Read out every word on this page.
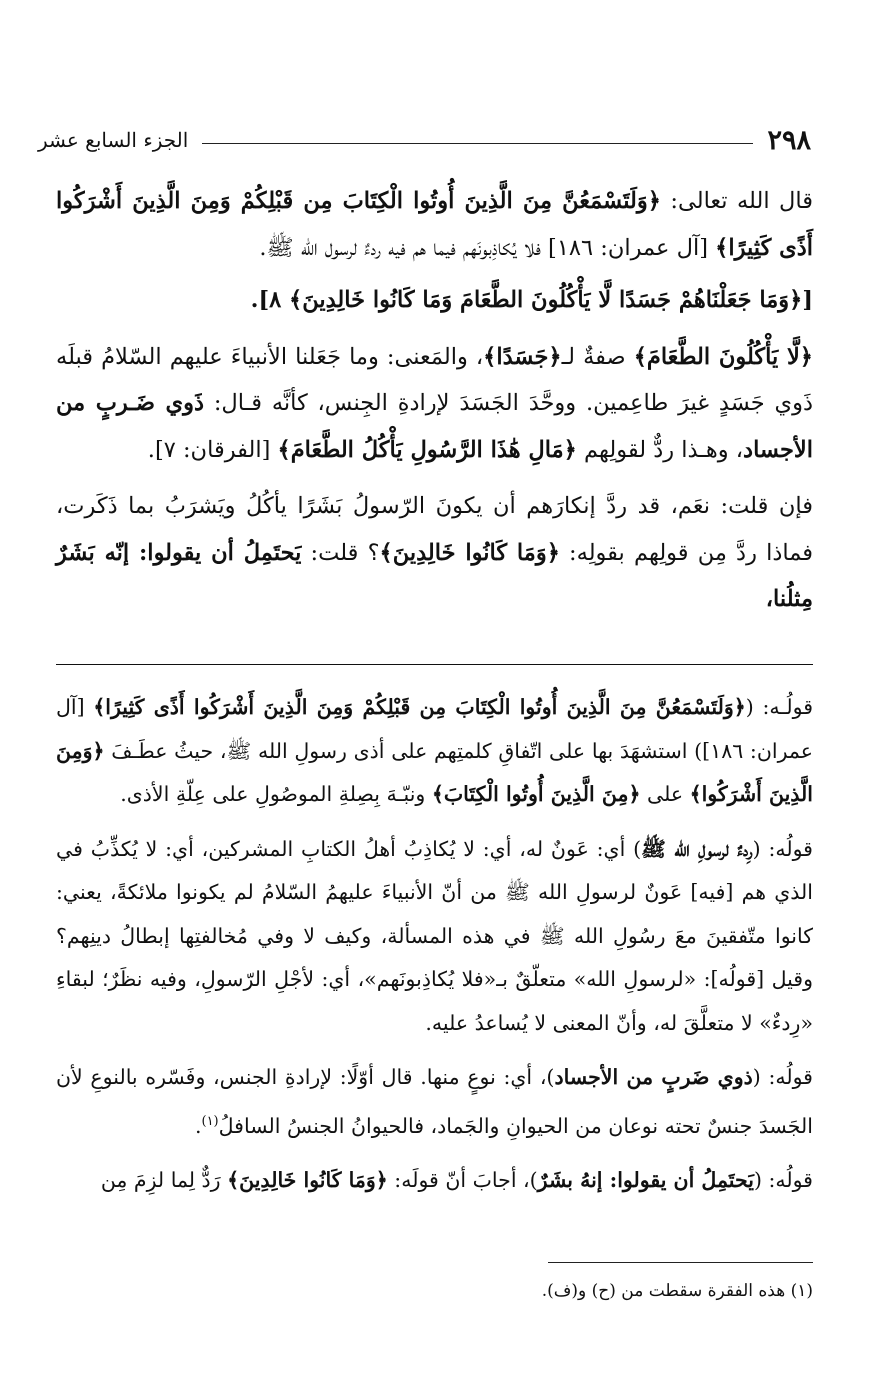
٢٩٨
الجزء السابع عشر

قال الله تعالى: ﴿وَلَتَسْمَعُنَّ مِنَ الَّذِينَ أُوتُوا الْكِتَابَ مِن قَبْلِكُمْ وَمِنَ الَّذِينَ أَشْرَكُوا أَذًى كَثِيرًا﴾ [آل عمران: ١٨٦] فلا يُكاذِبونَهم فيما هم فيه ردءٌ لرسول الله ﷺ.

[﴿وَمَا جَعَلْنَاهُمْ جَسَدًا لَّا يَأْكُلُونَ الطَّعَامَ وَمَا كَانُوا خَالِدِينَ﴾ ٨].

﴿لَّا يَأْكُلُونَ الطَّعَامَ﴾ صفةٌ لـ﴿جَسَدًا﴾، والمَعنى: وما جَعَلنا الأنبياءَ عليهم السّلامُ قبلَه ذَوي جَسَدٍ غيرَ طاعِمين. ووحَّدَ الجَسَدَ لإرادةِ الجِنس، كأنَّه قـال: ذَوي ضَـربٍ من الأجساد، وهـذا ردٌّ لقولِهم ﴿مَالِ هَٰذَا الرَّسُولِ يَأْكُلُ الطَّعَامَ﴾ [الفرقان: ٧].

فإن قلت: نعَم، قد ردَّ إنكارَهم أن يكونَ الرّسولُ بَشَرًا يأكُلُ ويَشرَبُ بما ذَكَرت، فماذا ردَّ مِن قولِهم بقولِه: ﴿وَمَا كَانُوا خَالِدِينَ﴾؟ قلت: يَحتَمِلُ أن يقولوا: إنّه بَشَرٌ مِثلُنا،

قولُـه: (﴿وَلَتَسْمَعُنَّ مِنَ الَّذِينَ أُوتُوا الْكِتَابَ مِن قَبْلِكُمْ وَمِنَ الَّذِينَ أَشْرَكُوا أَذًى كَثِيرًا﴾ [آل عمران: ١٨٦]) استشهَدَ بها على اتّفاقِ كلمتِهم على أذى رسولِ الله ﷺ، حيثُ عطَـفَ ﴿وَمِنَ الَّذِينَ أَشْرَكُوا﴾ على ﴿مِنَ الَّذِينَ أُوتُوا الْكِتَابَ﴾ ونبّـهَ بِصِلةِ الموصُولِ على عِلّةِ الأذى.

قولُه: (رِدءٌ لرسولِ الله ﷺ) أي: عَونٌ له، أي: لا يُكاذِبُ أهلُ الكتابِ المشركين، أي: لا يُكذِّبُ في الذي هم [فيه] عَونٌ لرسولِ الله ﷺ من أنّ الأنبياءَ عليهمُ السّلامُ لم يكونوا ملائكةً، يعني: كانوا متّفقينَ معَ رسُولِ الله ﷺ في هذه المسألة، وكيف لا وفي مُخالفتِها إبطالُ دينِهم؟ وقيل [قولُه]: «لرسولِ الله» متعلّقٌ بـ«فلا يُكاذِبونَهم»، أي: لأجْلِ الرّسولِ، وفيه نظَرٌ؛ لبقاءِ «رِدءٌ» لا متعلَّقَ له، وأنّ المعنى لا يُساعدُ عليه.

قولُه: (ذوي ضَربٍ من الأجساد)، أي: نوعٍ منها. قال أوّلًا: لإرادةِ الجنس، وفَسّره بالنوعِ لأن الجَسدَ جنسٌ تحته نوعان من الحيوانِ والجَماد، فالحيوانُ الجنسُ السافلُ$^{(١)}$.

قولُه: (يَحتَمِلُ أن يقولوا: إنهُ بشَرٌ)، أجابَ أنّ قولَه: ﴿وَمَا كَانُوا خَالِدِينَ﴾ رَدٌّ لِما لزِمَ مِن

(١) هذه الفقرة سقطت من (ح) و(ف).
